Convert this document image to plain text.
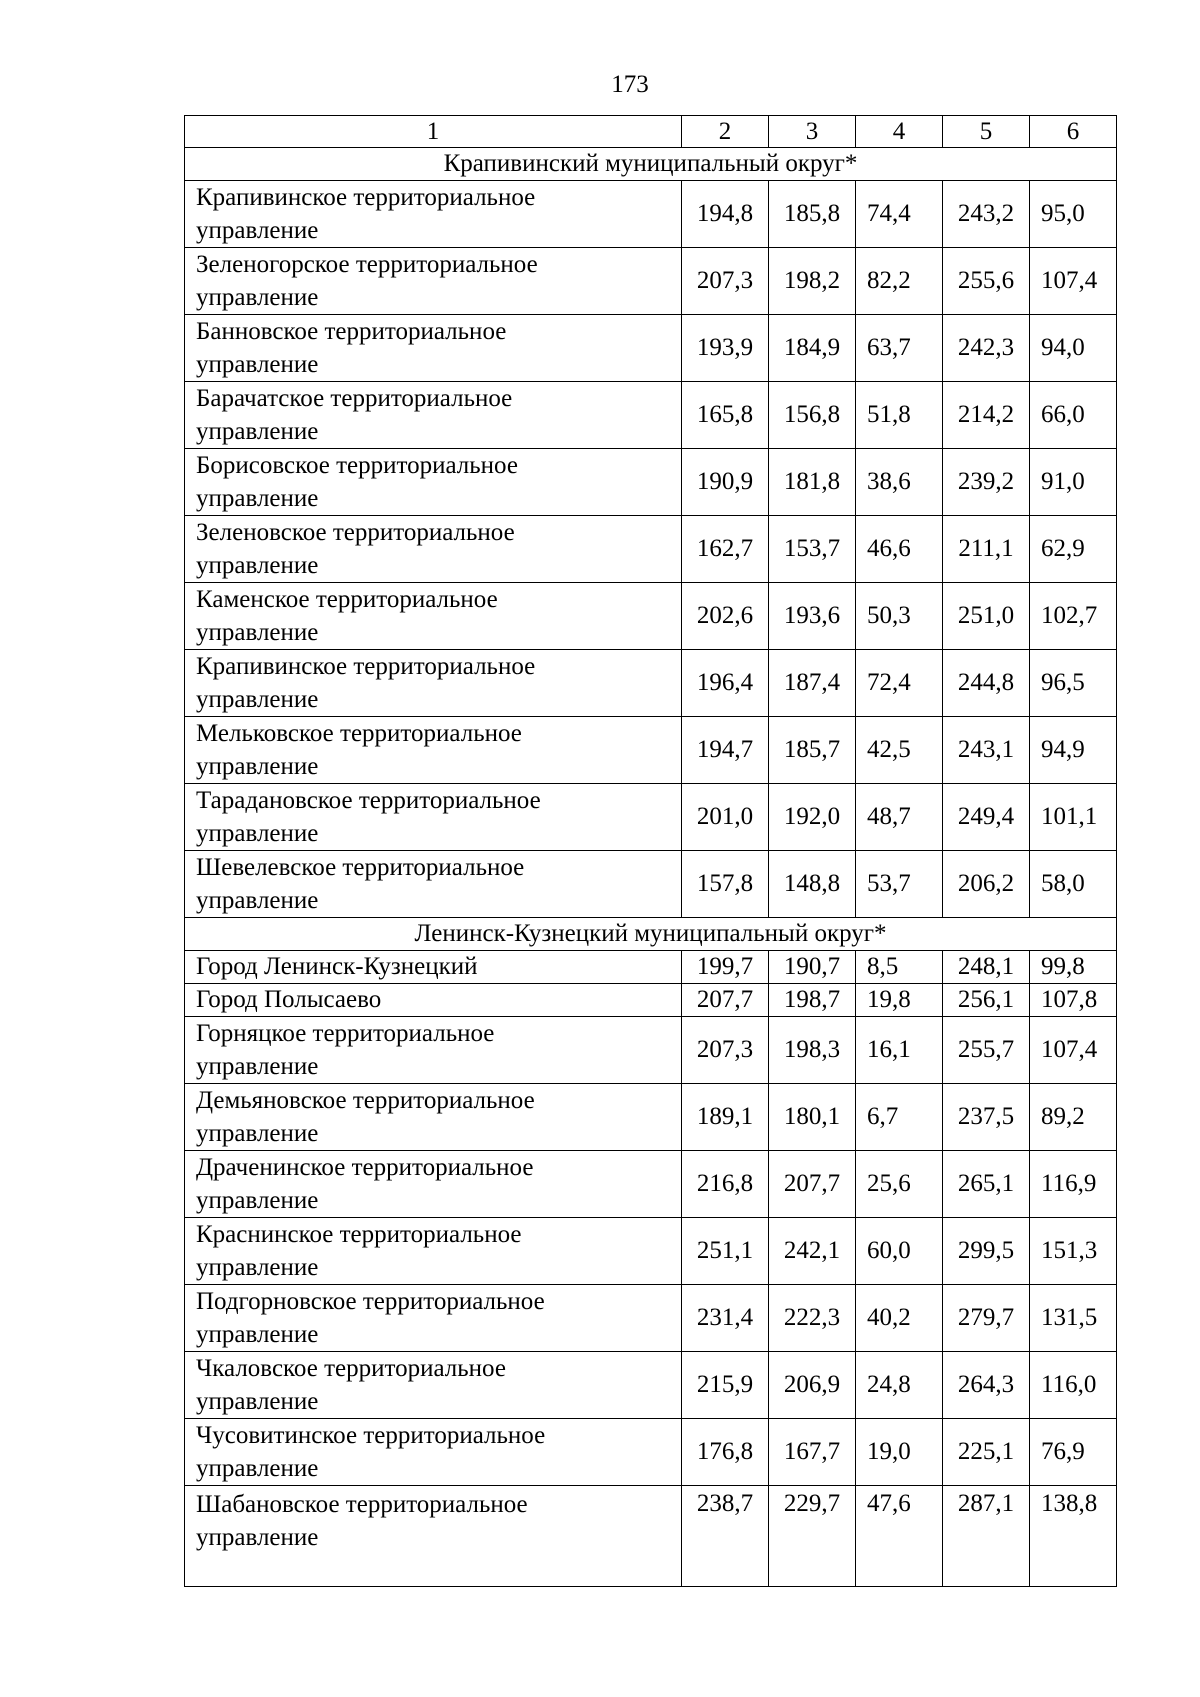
173
1	2	3	4	5	6
Крапивинский муниципальный округ*					

Крапивинское территориальное
управление	194,8	185,8	74,4	243,2	95,0

Зеленогорское территориальное
управление	207,3	198,2	82,2	255,6	107,4

Банновское территориальное
управление	193,9	184,9	63,7	242,3	94,0

Барачатское территориальное
управление	165,8	156,8	51,8	214,2	66,0

Борисовское территориальное
управление	190,9	181,8	38,6	239,2	91,0

Зеленовское территориальное
управление	162,7	153,7	46,6	211,1	62,9

Каменское территориальное
управление	202,6	193,6	50,3	251,0	102,7

Крапивинское территориальное
управление	196,4	187,4	72,4	244,8	96,5

Мельковское территориальное
управление	194,7	185,7	42,5	243,1	94,9

Тарадановское территориальное
управление	201,0	192,0	48,7	249,4	101,1

Шевелевское территориальное
управление	157,8	148,8	53,7	206,2	58,0
Ленинск-Кузнецкий муниципальный округ*					

Город Ленинск-Кузнецкий	199,7	190,7	8,5	248,1	99,8

Город Полысаево	207,7	198,7	19,8	256,1	107,8

Горняцкое территориальное
управление	207,3	198,3	16,1	255,7	107,4

Демьяновское территориальное
управление	189,1	180,1	6,7	237,5	89,2

Драченинское территориальное
управление	216,8	207,7	25,6	265,1	116,9

Краснинское территориальное
управление	251,1	242,1	60,0	299,5	151,3

Подгорновское территориальное
управление	231,4	222,3	40,2	279,7	131,5

Чкаловское территориальное
управление	215,9	206,9	24,8	264,3	116,0

Чусовитинское территориальное
управление	176,8	167,7	19,0	225,1	76,9

Шабановское территориальное
управление	238,7	229,7	47,6	287,1	138,8
